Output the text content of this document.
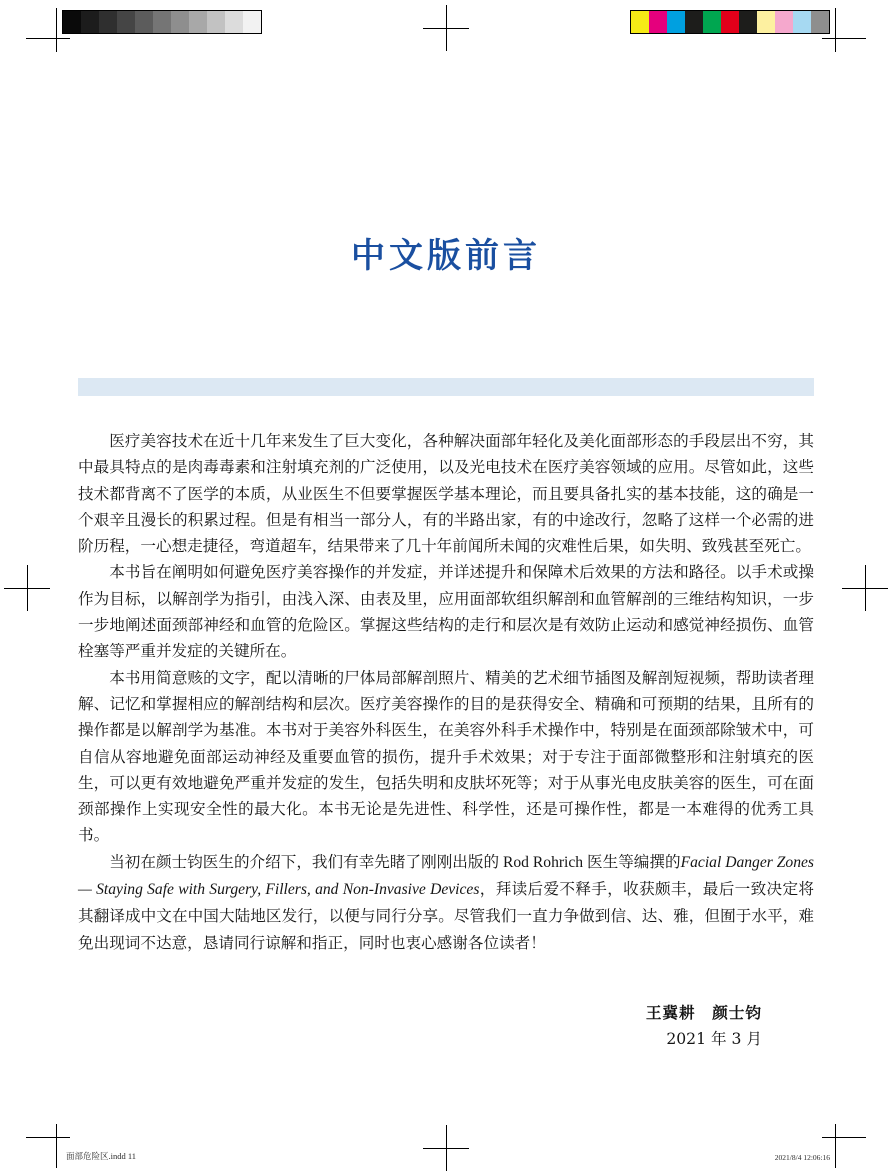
中文版前言

医疗美容技术在近十几年来发生了巨大变化，各种解决面部年轻化及美化面部形态的手段层出不穷，其中最具特点的是肉毒毒素和注射填充剂的广泛使用，以及光电技术在医疗美容领域的应用。尽管如此，这些技术都背离不了医学的本质，从业医生不但要掌握医学基本理论，而且要具备扎实的基本技能，这的确是一个艰辛且漫长的积累过程。但是有相当一部分人，有的半路出家，有的中途改行，忽略了这样一个必需的进阶历程，一心想走捷径，弯道超车，结果带来了几十年前闻所未闻的灾难性后果，如失明、致残甚至死亡。

本书旨在阐明如何避免医疗美容操作的并发症，并详述提升和保障术后效果的方法和路径。以手术或操作为目标，以解剖学为指引，由浅入深、由表及里，应用面部软组织解剖和血管解剖的三维结构知识，一步一步地阐述面颈部神经和血管的危险区。掌握这些结构的走行和层次是有效防止运动和感觉神经损伤、血管栓塞等严重并发症的关键所在。

本书用简意赅的文字，配以清晰的尸体局部解剖照片、精美的艺术细节插图及解剖短视频，帮助读者理解、记忆和掌握相应的解剖结构和层次。医疗美容操作的目的是获得安全、精确和可预期的结果，且所有的操作都是以解剖学为基准。本书对于美容外科医生，在美容外科手术操作中，特别是在面颈部除皱术中，可自信从容地避免面部运动神经及重要血管的损伤，提升手术效果；对于专注于面部微整形和注射填充的医生，可以更有效地避免严重并发症的发生，包括失明和皮肤坏死等；对于从事光电皮肤美容的医生，可在面颈部操作上实现安全性的最大化。本书无论是先进性、科学性，还是可操作性，都是一本难得的优秀工具书。

当初在颜士钧医生的介绍下，我们有幸先睹了刚刚出版的 Rod Rohrich 医生等编撰的Facial Danger Zones — Staying Safe with Surgery, Fillers, and Non-Invasive Devices，拜读后爱不释手，收获颇丰，最后一致决定将其翻译成中文在中国大陆地区发行，以便与同行分享。尽管我们一直力争做到信、达、雅，但囿于水平，难免出现词不达意，恳请同行谅解和指正，同时也衷心感谢各位读者！

王冀耕　颜士钧
2021 年 3 月
面部危险区.indd 11	2021/8/4 12:06:16
